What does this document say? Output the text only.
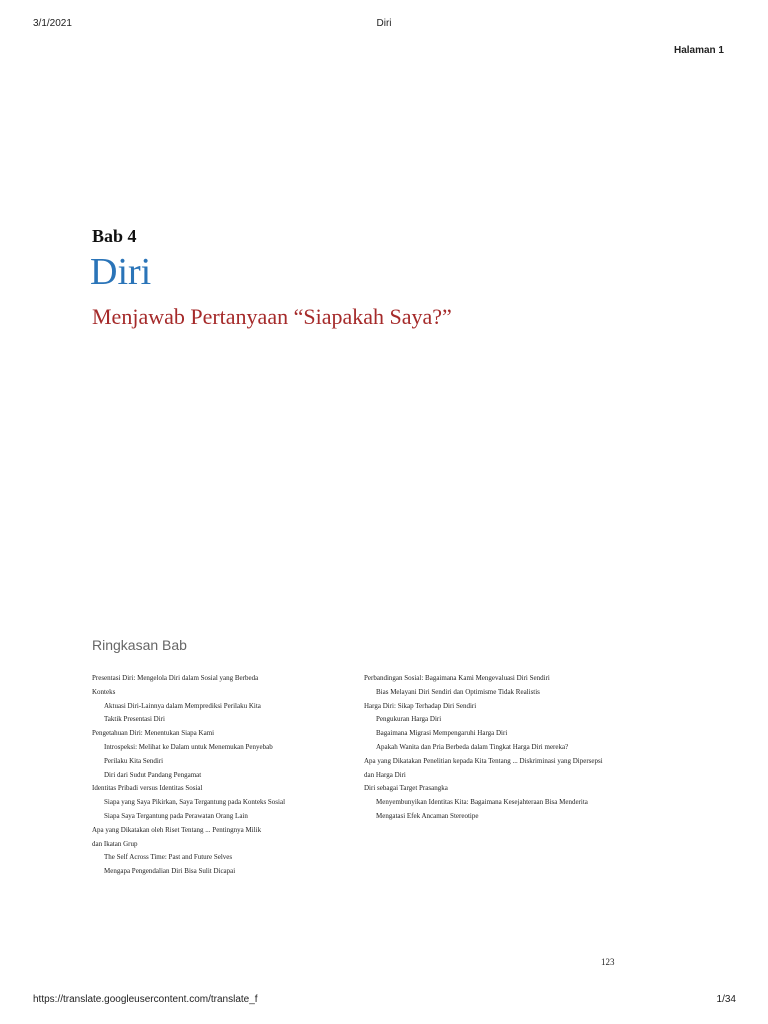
3/1/2021	Diri
Halaman 1
Bab 4
Diri
Menjawab Pertanyaan “Siapakah Saya?”
Ringkasan Bab
Presentasi Diri: Mengelola Diri dalam Sosial yang Berbeda
Konteks
Aktuasi Diri-Lainnya dalam Memprediksi Perilaku Kita
Taktik Presentasi Diri
Pengetahuan Diri: Menentukan Siapa Kami
Introspeksi: Melihat ke Dalam untuk Menemukan Penyebab
Perilaku Kita Sendiri
Diri dari Sudut Pandang Pengamat
Identitas Pribadi versus Identitas Sosial
Siapa yang Saya Pikirkan, Saya Tergantung pada Konteks Sosial
Siapa Saya Tergantung pada Perawatan Orang Lain
Apa yang Dikatakan oleh Riset Tentang ... Pentingnya Milik
dan Ikatan Grup
The Self Across Time: Past and Future Selves
Mengapa Pengendalian Diri Bisa Sulit Dicapai
Perbandingan Sosial: Bagaimana Kami Mengevaluasi Diri Sendiri
Bias Melayani Diri Sendiri dan Optimisme Tidak Realistis
Harga Diri: Sikap Terhadap Diri Sendiri
Pengukuran Harga Diri
Bagaimana Migrasi Mempengaruhi Harga Diri
Apakah Wanita dan Pria Berbeda dalam Tingkat Harga Diri mereka?
Apa yang Dikatakan Penelitian kepada Kita Tentang ... Diskriminasi yang Dipersepsi
dan Harga Diri
Diri sebagai Target Prasangka
Menyembunyikan Identitas Kita: Bagaimana Kesejahteraan Bisa Menderita
Mengatasi Efek Ancaman Stereotipe
123
https://translate.googleusercontent.com/translate_f	1/34
